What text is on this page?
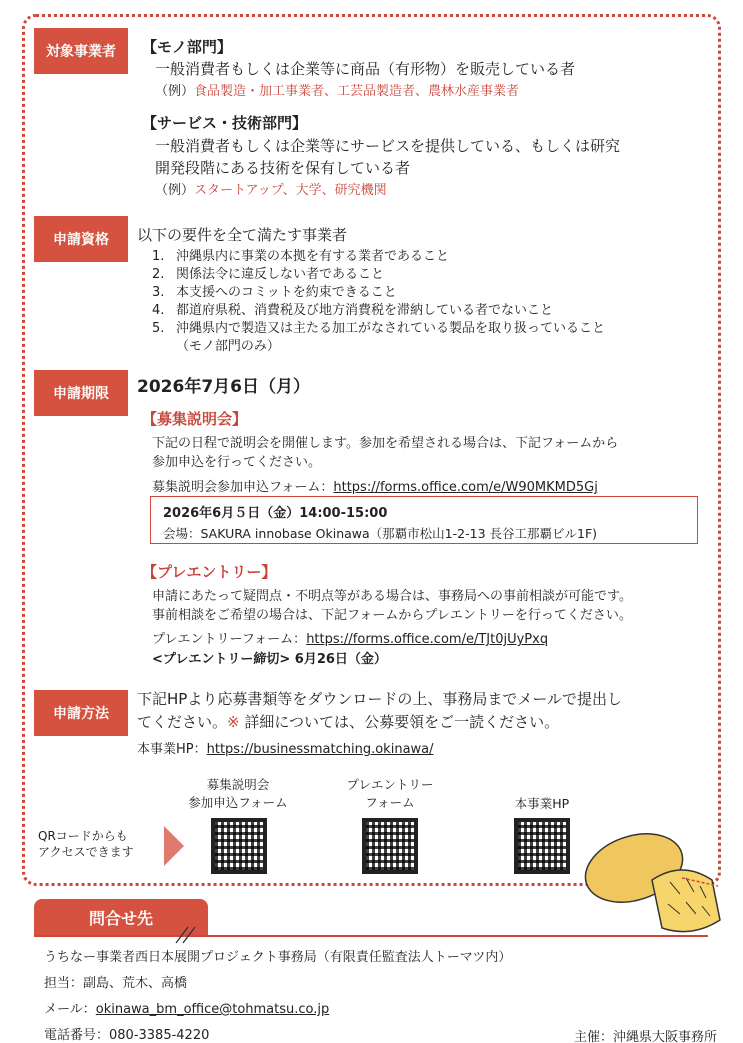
対象事業者	【モノ部門】
一般消費者もしくは企業等に商品（有形物）を販売している者
（例）食品製造・加工事業者、工芸品製造者、農林水産事業者
【サービス・技術部門】
一般消費者もしくは企業等にサービスを提供している、もしくは研究
開発段階にある技術を保有している者
（例）スタートアップ、大学、研究機関
申請資格	以下の要件を全て満たす事業者
1. 沖縄県内に事業の本拠を有する業者であること
2. 関係法令に違反しない者であること
3. 本支援へのコミットを約束できること
4. 都道府県税、消費税及び地方消費税を滞納している者でないこと
5. 沖縄県内で製造又は主たる加工がなされている製品を取り扱っていること
（モノ部門のみ）
申請期限	2026年7月6日（月）
【募集説明会】
下記の日程で説明会を開催します。参加を希望される場合は、下記フォームから
参加申込を行ってください。
募集説明会参加申込フォーム：https://forms.office.com/e/W90MKMD5Gj
2026年6月５日（金）14:00-15:00
会場：SAKURA innobase Okinawa（那覇市松山1-2-13 長谷工那覇ビル1F)
【プレエントリー】
申請にあたって疑問点・不明点等がある場合は、事務局への事前相談が可能です。
事前相談をご希望の場合は、下記フォームからプレエントリーを行ってください。
プレエントリーフォーム：https://forms.office.com/e/TJt0jUyPxq
<プレエントリー締切> 6月26日（金）
申請方法
下記HPより応募書類等をダウンロードの上、事務局までメールで提出し
てください。※ 詳細については、公募要領をご一読ください。
本事業HP：https://businessmatching.okinawa/
QRコードからも
アクセスできます
募集説明会
参加申込フォーム
プレエントリー
フォーム	本事業HP
問合せ先
うちなー事業者西日本展開プロジェクト事務局（有限責任監査法人トーマツ内）
担当：副島、荒木、高橋
メール：okinawa_bm_office@tohmatsu.co.jp
電話番号：080-3385-4220	主催：沖縄県大阪事務所
